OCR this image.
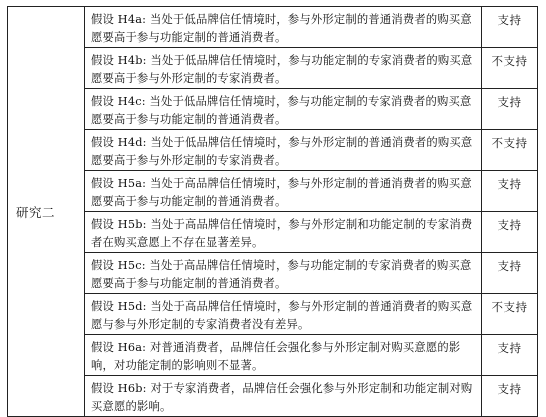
研究二	假设 H4a: 当处于低品牌信任情境时，参与外形定制的普通消费者的购买意愿要高于参与功能定制的普通消费者。	支持
	假设 H4b: 当处于低品牌信任情境时，参与功能定制的专家消费者的购买意愿要高于参与外形定制的专家消费者。	不支持
	假设 H4c: 当处于低品牌信任情境时，参与功能定制的专家消费者的购买意愿要高于参与功能定制的普通消费者。	支持
	假设 H4d: 当处于低品牌信任情境时，参与外形定制的普通消费者的购买意愿要高于参与外形定制的专家消费者。	不支持
	假设 H5a: 当处于高品牌信任情境时，参与外形定制的普通消费者的购买意愿要高于参与功能定制的普通消费者。	支持
	假设 H5b: 当处于高品牌信任情境时，参与外形定制和功能定制的专家消费者在购买意愿上不存在显著差异。	支持
	假设 H5c: 当处于高品牌信任情境时，参与功能定制的专家消费者的购买意愿要高于参与功能定制的普通消费者。	支持
	假设 H5d: 当处于高品牌信任情境时，参与外形定制的普通消费者的购买意愿与参与外形定制的专家消费者没有差异。	不支持
	假设 H6a: 对普通消费者，品牌信任会强化参与外形定制对购买意愿的影响，对功能定制的影响则不显著。	支持
	假设 H6b: 对于专家消费者，品牌信任会强化参与外形定制和功能定制对购买意愿的影响。	支持
